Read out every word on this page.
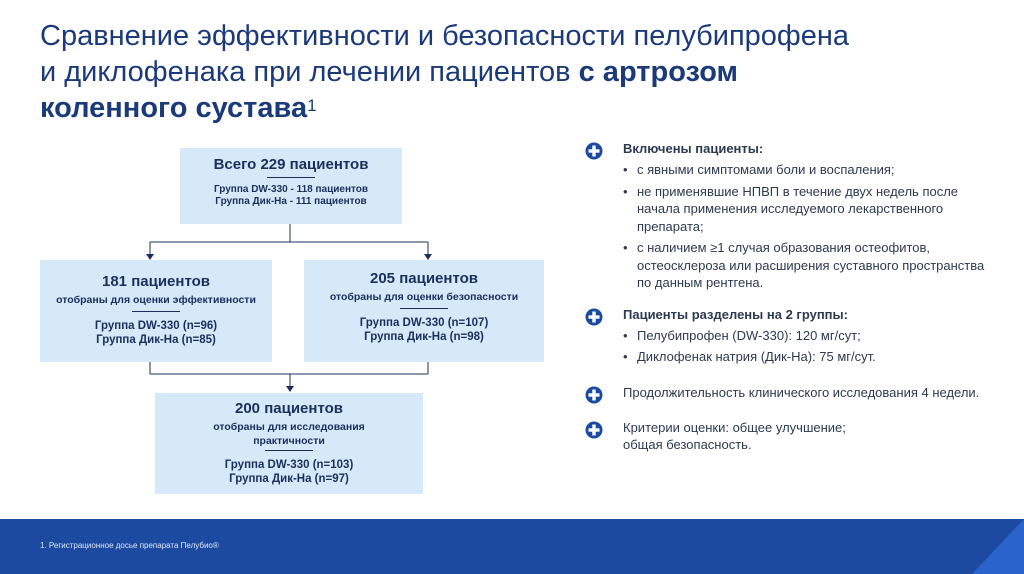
Сравнение эффективности и безопасности пелубипрофена
и диклофенака при лечении пациентов с артрозом
коленного сустава$^1$
Всего 229 пациентов
Группа DW-330 - 118 пациентов
Группа Дик-На - 111 пациентов
181 пациентов
отобраны для оценки эффективности
Группа DW-330 (n=96)
Группа Дик-На (n=85)
205 пациентов
отобраны для оценки безопасности
Группа DW-330 (n=107)
Группа Дик-На (n=98)
200 пациентов
отобраны для исследования
практичности
Группа DW-330 (n=103)
Группа Дик-На (n=97)
Включены пациенты:
• с явными симптомами боли и воспаления;
• не применявшие НПВП в течение двух недель после начала применения исследуемого лекарственного препарата;
• с наличием ≥1 случая образования остеофитов, остеосклероза или расширения суставного пространства по данным рентгена.
Пациенты разделены на 2 группы:
• Пелубипрофен (DW-330): 120 мг/сут;
• Диклофенак натрия (Дик-На): 75 мг/сут.
Продолжительность клинического исследования 4 недели.
Критерии оценки: общее улучшение;
общая безопасность.
1. Регистрационное досье препарата Пелубио®
